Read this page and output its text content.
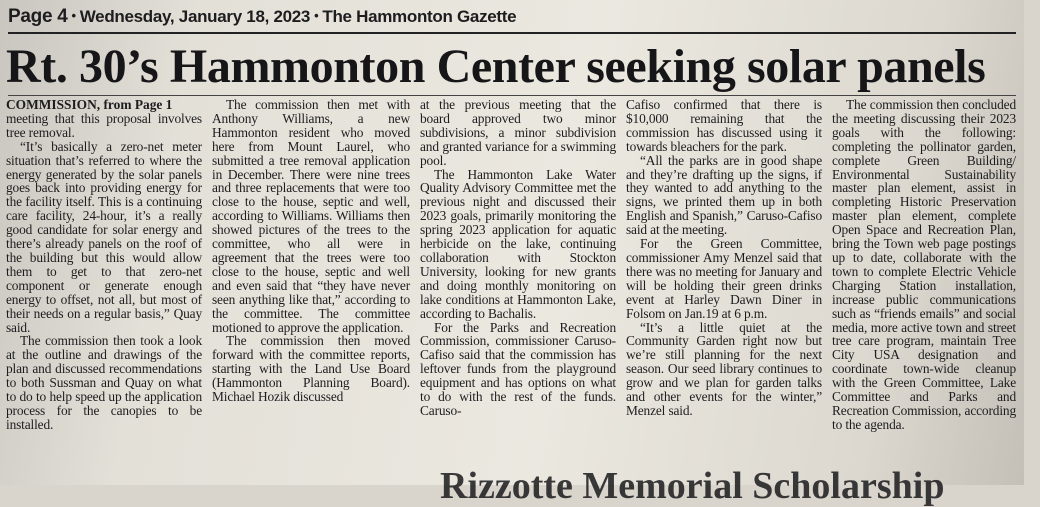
Page 4 • Wednesday, January 18, 2023 • The Hammonton Gazette
Rt. 30’s Hammonton Center seeking solar panels

COMMISSION, from Page 1
meeting that this proposal involves tree removal.

“It’s basically a zero-net meter situation that’s referred to where the energy generated by the solar panels goes back into providing energy for the facility itself. This is a continuing care facility, 24-hour, it’s a really good candidate for solar energy and there’s already panels on the roof of the building but this would allow them to get to that zero-net component or generate enough energy to offset, not all, but most of their needs on a regular basis,” Quay said.

The commission then took a look at the outline and drawings of the plan and discussed recommendations to both Sussman and Quay on what to do to help speed up the application process for the canopies to be installed.

The commission then met with Anthony Williams, a new Hammonton resident who moved here from Mount Laurel, who submitted a tree removal application in December. There were nine trees and three replacements that were too close to the house, septic and well, according to Williams. Williams then showed pictures of the trees to the committee, who all were in agreement that the trees were too close to the house, septic and well and even said that “they have never seen anything like that,” according to the committee. The committee motioned to approve the application.

The commission then moved forward with the committee reports, starting with the Land Use Board (Hammonton Planning Board). Michael Hozik discussed

at the previous meeting that the board approved two minor subdivisions, a minor subdivision and granted variance for a swimming pool.

The Hammonton Lake Water Quality Advisory Committee met the previous night and discussed their 2023 goals, primarily monitoring the spring 2023 application for aquatic herbicide on the lake, continuing collaboration with Stockton University, looking for new grants and doing monthly monitoring on lake conditions at Hammonton Lake, according to Bachalis.

For the Parks and Recreation Commission, commissioner Caruso-Cafiso said that the commission has leftover funds from the playground equipment and has options on what to do with the rest of the funds. Caruso-

Cafiso confirmed that there is $10,000 remaining that the commission has discussed using it towards bleachers for the park.

“All the parks are in good shape and they’re drafting up the signs, if they wanted to add anything to the signs, we printed them up in both English and Spanish,” Caruso-Cafiso said at the meeting.

For the Green Committee, commissioner Amy Menzel said that there was no meeting for January and will be holding their green drinks event at Harley Dawn Diner in Folsom on Jan.19 at 6 p.m.

“It’s a little quiet at the Community Garden right now but we’re still planning for the next season. Our seed library continues to grow and we plan for garden talks and other events for the winter,” Menzel said.

The commission then concluded the meeting discussing their 2023 goals with the following: completing the pollinator garden, complete Green Building/ Environmental Sustainability master plan element, assist in completing Historic Preservation master plan element, complete Open Space and Recreation Plan, bring the Town web page postings up to date, collaborate with the town to complete Electric Vehicle Charging Station installation, increase public communications such as “friends emails” and social media, more active town and street tree care program, maintain Tree City USA designation and coordinate town-wide cleanup with the Green Committee, Lake Committee and Parks and Recreation Commission, according to the agenda.

Rizzotte Memorial Scholarship
